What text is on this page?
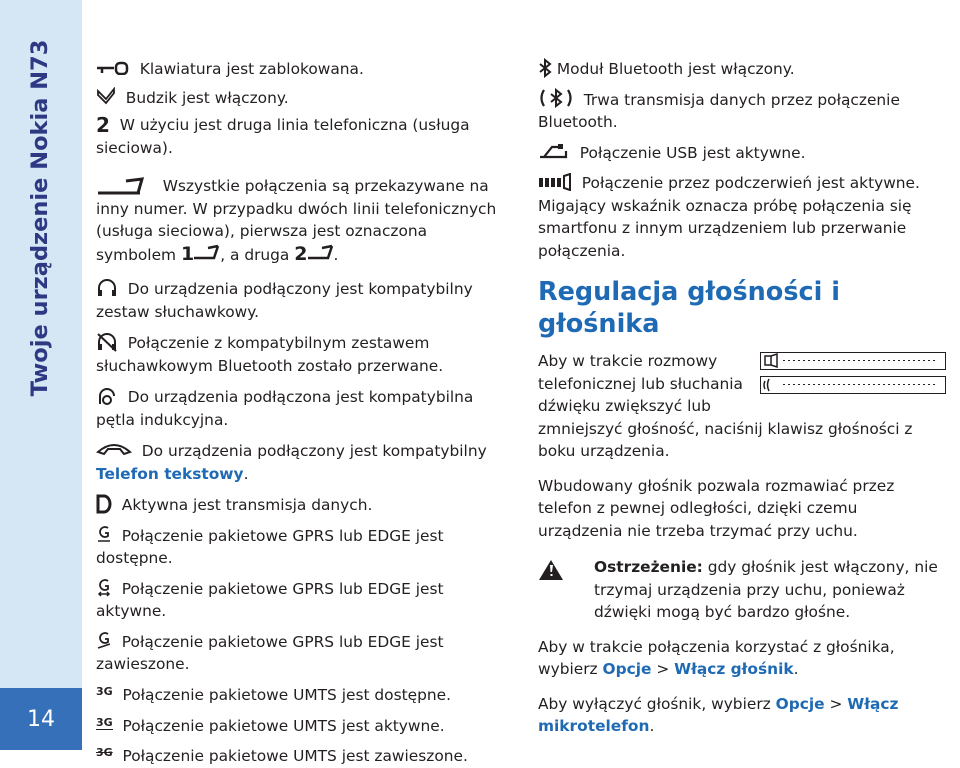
Twoje urządzenie Nokia N73
14

Klawiatura jest zablokowana.

Budzik jest włączony.

2 W użyciu jest druga linia telefoniczna (usługa sieciowa).

Wszystkie połączenia są przekazywane na inny numer. W przypadku dwóch linii telefonicznych (usługa sieciowa), pierwsza jest oznaczona symbolem 1 , a druga 2 .

Do urządzenia podłączony jest kompatybilny zestaw słuchawkowy.

Połączenie z kompatybilnym zestawem słuchawkowym Bluetooth zostało przerwane.

Do urządzenia podłączona jest kompatybilna pętla indukcyjna.

Do urządzenia podłączony jest kompatybilny Telefon tekstowy.

Aktywna jest transmisja danych.

Połączenie pakietowe GPRS lub EDGE jest dostępne.

Połączenie pakietowe GPRS lub EDGE jest aktywne.

Połączenie pakietowe GPRS lub EDGE jest zawieszone.

3G Połączenie pakietowe UMTS jest dostępne.

3G Połączenie pakietowe UMTS jest aktywne.

3G Połączenie pakietowe UMTS jest zawieszone.

Moduł Bluetooth jest włączony.

Trwa transmisja danych przez połączenie Bluetooth.

Połączenie USB jest aktywne.

Połączenie przez podczerwień jest aktywne. Migający wskaźnik oznacza próbę połączenia się smartfonu z innym urządzeniem lub przerwanie połączenia.

Regulacja głośności i głośnika
Aby w trakcie rozmowy telefonicznej lub słuchania dźwięku zwiększyć lub

zmniejszyć głośność, naciśnij klawisz głośności z boku urządzenia.

Wbudowany głośnik pozwala rozmawiać przez telefon z pewnej odległości, dzięki czemu urządzenia nie trzeba trzymać przy uchu.

Ostrzeżenie: gdy głośnik jest włączony, nie trzymaj urządzenia przy uchu, ponieważ dźwięki mogą być bardzo głośne.

Aby w trakcie połączenia korzystać z głośnika, wybierz Opcje > Włącz głośnik.

Aby wyłączyć głośnik, wybierz Opcje > Włącz mikrotelefon.
